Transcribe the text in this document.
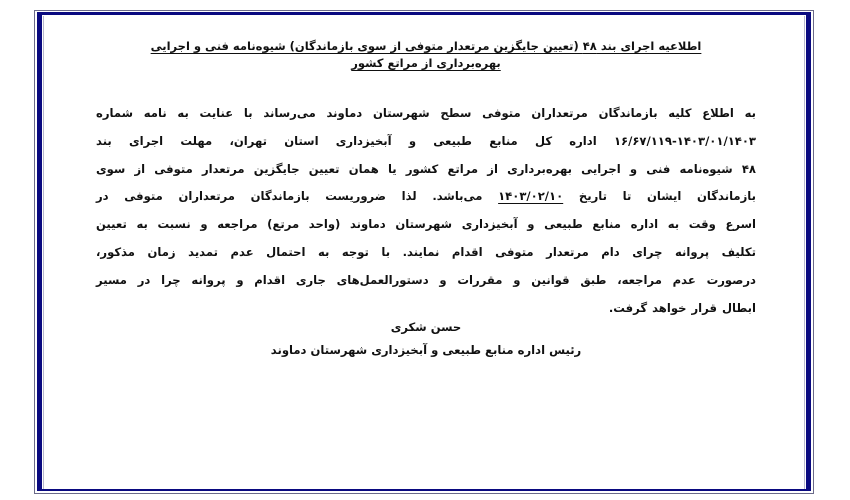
اطلاعیه اجرای بند ۴۸ (تعیین جایگزین مرتعدار متوفی از سوی بازماندگان) شیوه‌نامه فنی و اجرایی
بهره‌برداری از مراتع کشور
به اطلاع کلیه بازماندگان مرتعداران متوفی سطح شهرستان دماوند می‌رساند با عنایت به نامه شماره
۱۶/۶۷/۱۱۹-۱۴۰۳/۰۱/۱۴۰۳ اداره کل منابع طبیعی و آبخیزداری استان تهران، مهلت اجرای بند
۴۸ شیوه‌نامه فنی و اجرایی بهره‌برداری از مراتع کشور یا همان تعیین جایگزین مرتعدار متوفی از سوی
بازماندگان ایشان تا تاریخ ۱۴۰۳/۰۲/۱۰ می‌باشد. لذا ضروریست بازماندگان مرتعداران متوفی در
اسرع وقت به اداره منابع طبیعی و آبخیزداری شهرستان دماوند (واحد مرتع) مراجعه و نسبت به تعیین
تکلیف پروانه چرای دام مرتعدار متوفی اقدام نمایند. با توجه به احتمال عدم تمدید زمان مذکور،
درصورت عدم مراجعه، طبق قوانین و مقررات و دستورالعمل‌های جاری اقدام و پروانه چرا در مسیر
ابطال قرار خواهد گرفت.
حسن شکری
رئیس اداره منابع طبیعی و آبخیزداری شهرستان دماوند
